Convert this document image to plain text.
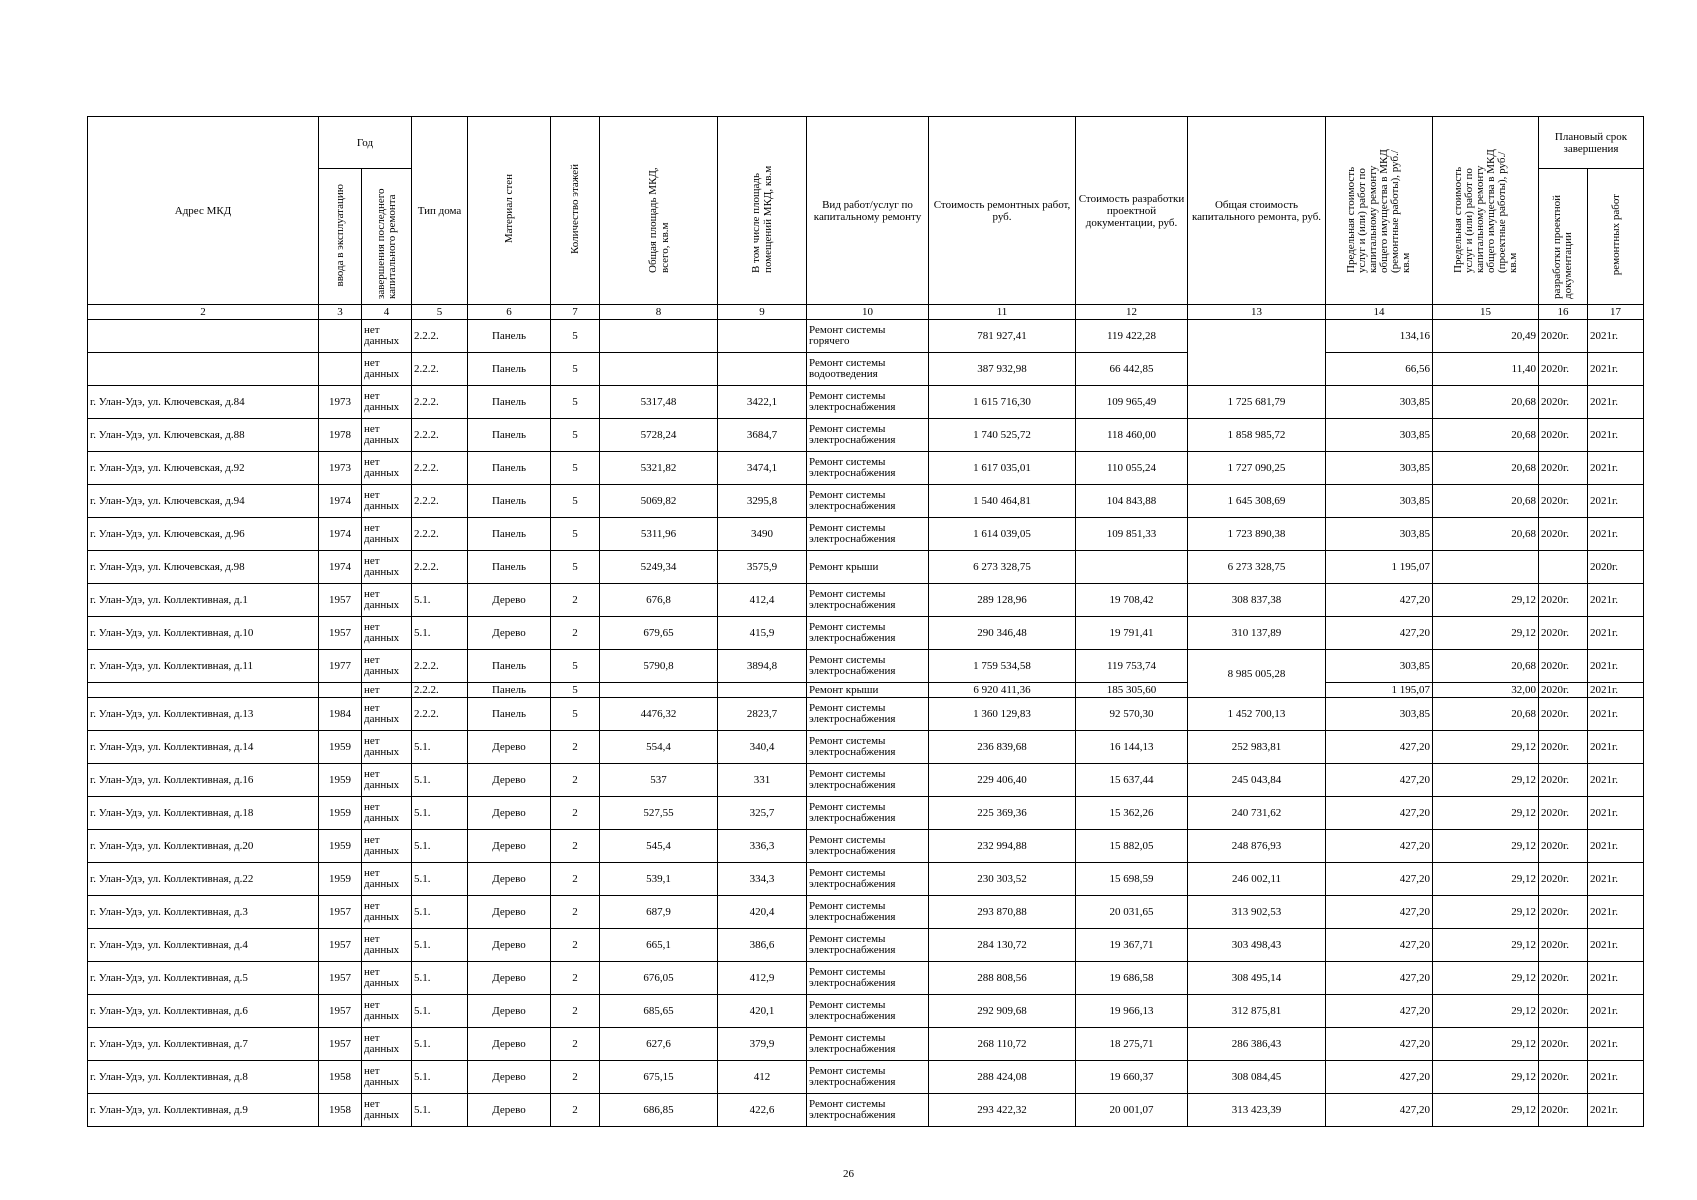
Адрес МКД	Год		Тип дома	Материал стен	Количество этажей	Общая площадь МКД, всего, кв.м	В том числе площадь помещений МКД, кв.м	Вид работ/услуг по капитальному ремонту	Стоимость ремонтных работ, руб.	Стоимость разработки проектной документации, руб.	Общая стоимость капитального ремонта, руб.	Предельная стоимость услуг и (или) работ по капитальному ремонту общего имущества в МКД (ремонтные работы), руб./кв.м	Предельная стоимость услуг и (или) работ по капитальному ремонту общего имущества в МКД (проектные работы), руб./кв.м	Плановый срок завершения	
	ввода в эксплуатацию	завершения последнего капитального ремонта												разработки проектной документации	ремонтных работ
2	3	4	5	6	7	8	9	10	11	12	13	14	15	16	17
		нет данных	2.2.2.	Панель	5			Ремонт системы горячего	781 927,41	119 422,28		134,16	20,49	2020г.	2021г.
		нет данных	2.2.2.	Панель	5			Ремонт системы водоотведения	387 932,98	66 442,85		66,56	11,40	2020г.	2021г.
г. Улан-Удэ, ул. Ключевская, д.84	1973	нет данных	2.2.2.	Панель	5	5317,48	3422,1	Ремонт системы электроснабжения	1 615 716,30	109 965,49	1 725 681,79	303,85	20,68	2020г.	2021г.
г. Улан-Удэ, ул. Ключевская, д.88	1978	нет данных	2.2.2.	Панель	5	5728,24	3684,7	Ремонт системы электроснабжения	1 740 525,72	118 460,00	1 858 985,72	303,85	20,68	2020г.	2021г.
г. Улан-Удэ, ул. Ключевская, д.92	1973	нет данных	2.2.2.	Панель	5	5321,82	3474,1	Ремонт системы электроснабжения	1 617 035,01	110 055,24	1 727 090,25	303,85	20,68	2020г.	2021г.
г. Улан-Удэ, ул. Ключевская, д.94	1974	нет данных	2.2.2.	Панель	5	5069,82	3295,8	Ремонт системы электроснабжения	1 540 464,81	104 843,88	1 645 308,69	303,85	20,68	2020г.	2021г.
г. Улан-Удэ, ул. Ключевская, д.96	1974	нет данных	2.2.2.	Панель	5	5311,96	3490	Ремонт системы электроснабжения	1 614 039,05	109 851,33	1 723 890,38	303,85	20,68	2020г.	2021г.
г. Улан-Удэ, ул. Ключевская, д.98	1974	нет данных	2.2.2.	Панель	5	5249,34	3575,9	Ремонт крыши	6 273 328,75		6 273 328,75	1 195,07			2020г.
г. Улан-Удэ, ул. Коллективная, д.1	1957	нет данных	5.1.	Дерево	2	676,8	412,4	Ремонт системы электроснабжения	289 128,96	19 708,42	308 837,38	427,20	29,12	2020г.	2021г.
г. Улан-Удэ, ул. Коллективная, д.10	1957	нет данных	5.1.	Дерево	2	679,65	415,9	Ремонт системы электроснабжения	290 346,48	19 791,41	310 137,89	427,20	29,12	2020г.	2021г.
г. Улан-Удэ, ул. Коллективная, д.11	1977	нет данных	2.2.2.	Панель	5	5790,8	3894,8	Ремонт системы электроснабжения	1 759 534,58	119 753,74	8 985 005,28	303,85	20,68	2020г.	2021г.
		нет	2.2.2.	Панель	5			Ремонт крыши	6 920 411,36	185 305,60		1 195,07	32,00	2020г.	2021г.
г. Улан-Удэ, ул. Коллективная, д.13	1984	нет данных	2.2.2.	Панель	5	4476,32	2823,7	Ремонт системы электроснабжения	1 360 129,83	92 570,30	1 452 700,13	303,85	20,68	2020г.	2021г.
г. Улан-Удэ, ул. Коллективная, д.14	1959	нет данных	5.1.	Дерево	2	554,4	340,4	Ремонт системы электроснабжения	236 839,68	16 144,13	252 983,81	427,20	29,12	2020г.	2021г.
г. Улан-Удэ, ул. Коллективная, д.16	1959	нет данных	5.1.	Дерево	2	537	331	Ремонт системы электроснабжения	229 406,40	15 637,44	245 043,84	427,20	29,12	2020г.	2021г.
г. Улан-Удэ, ул. Коллективная, д.18	1959	нет данных	5.1.	Дерево	2	527,55	325,7	Ремонт системы электроснабжения	225 369,36	15 362,26	240 731,62	427,20	29,12	2020г.	2021г.
г. Улан-Удэ, ул. Коллективная, д.20	1959	нет данных	5.1.	Дерево	2	545,4	336,3	Ремонт системы электроснабжения	232 994,88	15 882,05	248 876,93	427,20	29,12	2020г.	2021г.
г. Улан-Удэ, ул. Коллективная, д.22	1959	нет данных	5.1.	Дерево	2	539,1	334,3	Ремонт системы электроснабжения	230 303,52	15 698,59	246 002,11	427,20	29,12	2020г.	2021г.
г. Улан-Удэ, ул. Коллективная, д.3	1957	нет данных	5.1.	Дерево	2	687,9	420,4	Ремонт системы электроснабжения	293 870,88	20 031,65	313 902,53	427,20	29,12	2020г.	2021г.
г. Улан-Удэ, ул. Коллективная, д.4	1957	нет данных	5.1.	Дерево	2	665,1	386,6	Ремонт системы электроснабжения	284 130,72	19 367,71	303 498,43	427,20	29,12	2020г.	2021г.
г. Улан-Удэ, ул. Коллективная, д.5	1957	нет данных	5.1.	Дерево	2	676,05	412,9	Ремонт системы электроснабжения	288 808,56	19 686,58	308 495,14	427,20	29,12	2020г.	2021г.
г. Улан-Удэ, ул. Коллективная, д.6	1957	нет данных	5.1.	Дерево	2	685,65	420,1	Ремонт системы электроснабжения	292 909,68	19 966,13	312 875,81	427,20	29,12	2020г.	2021г.
г. Улан-Удэ, ул. Коллективная, д.7	1957	нет данных	5.1.	Дерево	2	627,6	379,9	Ремонт системы электроснабжения	268 110,72	18 275,71	286 386,43	427,20	29,12	2020г.	2021г.
г. Улан-Удэ, ул. Коллективная, д.8	1958	нет данных	5.1.	Дерево	2	675,15	412	Ремонт системы электроснабжения	288 424,08	19 660,37	308 084,45	427,20	29,12	2020г.	2021г.
г. Улан-Удэ, ул. Коллективная, д.9	1958	нет данных	5.1.	Дерево	2	686,85	422,6	Ремонт системы электроснабжения	293 422,32	20 001,07	313 423,39	427,20	29,12	2020г.	2021г.
26
